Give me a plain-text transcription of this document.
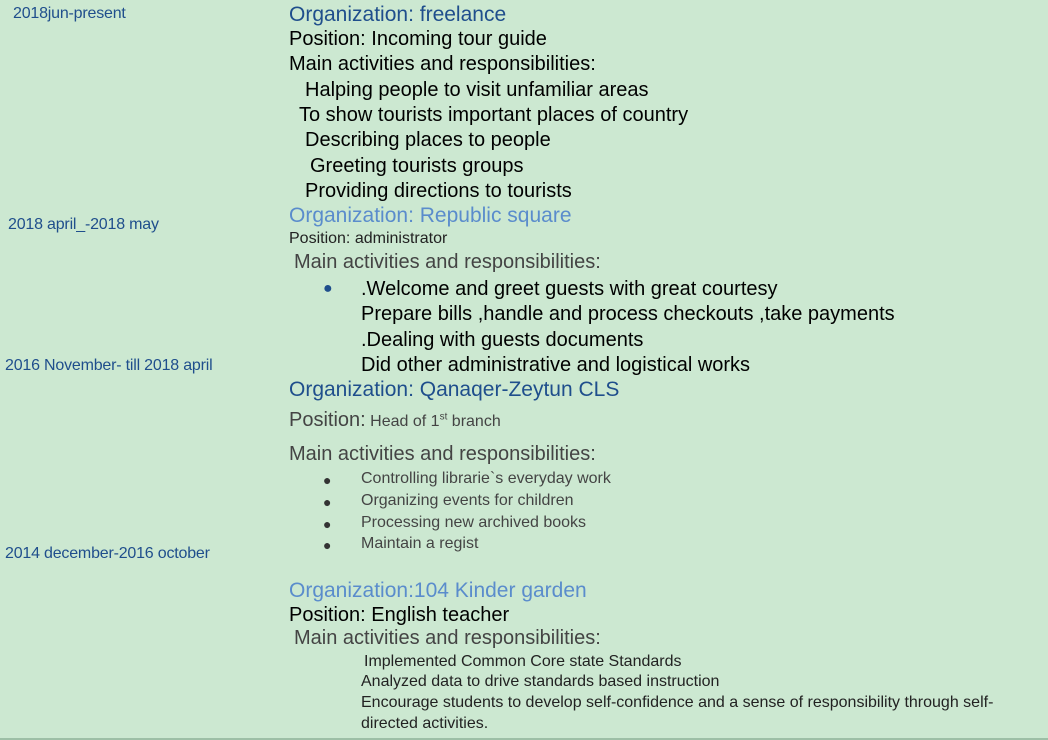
2018jun-present
2018 april_-2018 may
2016 November- till 2018 april
2014 december-2016 october
Organization: freelance
Position: Incoming tour guide
Main activities and responsibilities:
Halping people to visit unfamiliar areas
To show tourists important places of country
Describing places to people
Greeting tourists groups
Providing directions to tourists
Organization: Republic square
Position: administrator
Main activities and responsibilities:
● .Welcome and greet guests with great courtesy
Prepare bills ,handle and process checkouts ,take payments
.Dealing with guests documents
Did other administrative and logistical works
Organization: Qanaqer-Zeytun CLS
Position: Head of 1st branch
Main activities and responsibilities:
● Controlling librarie`s everyday work
● Organizing events for children
● Processing new archived books
● Maintain a regist
Organization:104 Kinder garden
Position: English teacher
Main activities and responsibilities:
Implemented Common Core state Standards
Analyzed data to drive standards based instruction
Encourage students to develop self-confidence and a sense of responsibility through self-
directed activities.
